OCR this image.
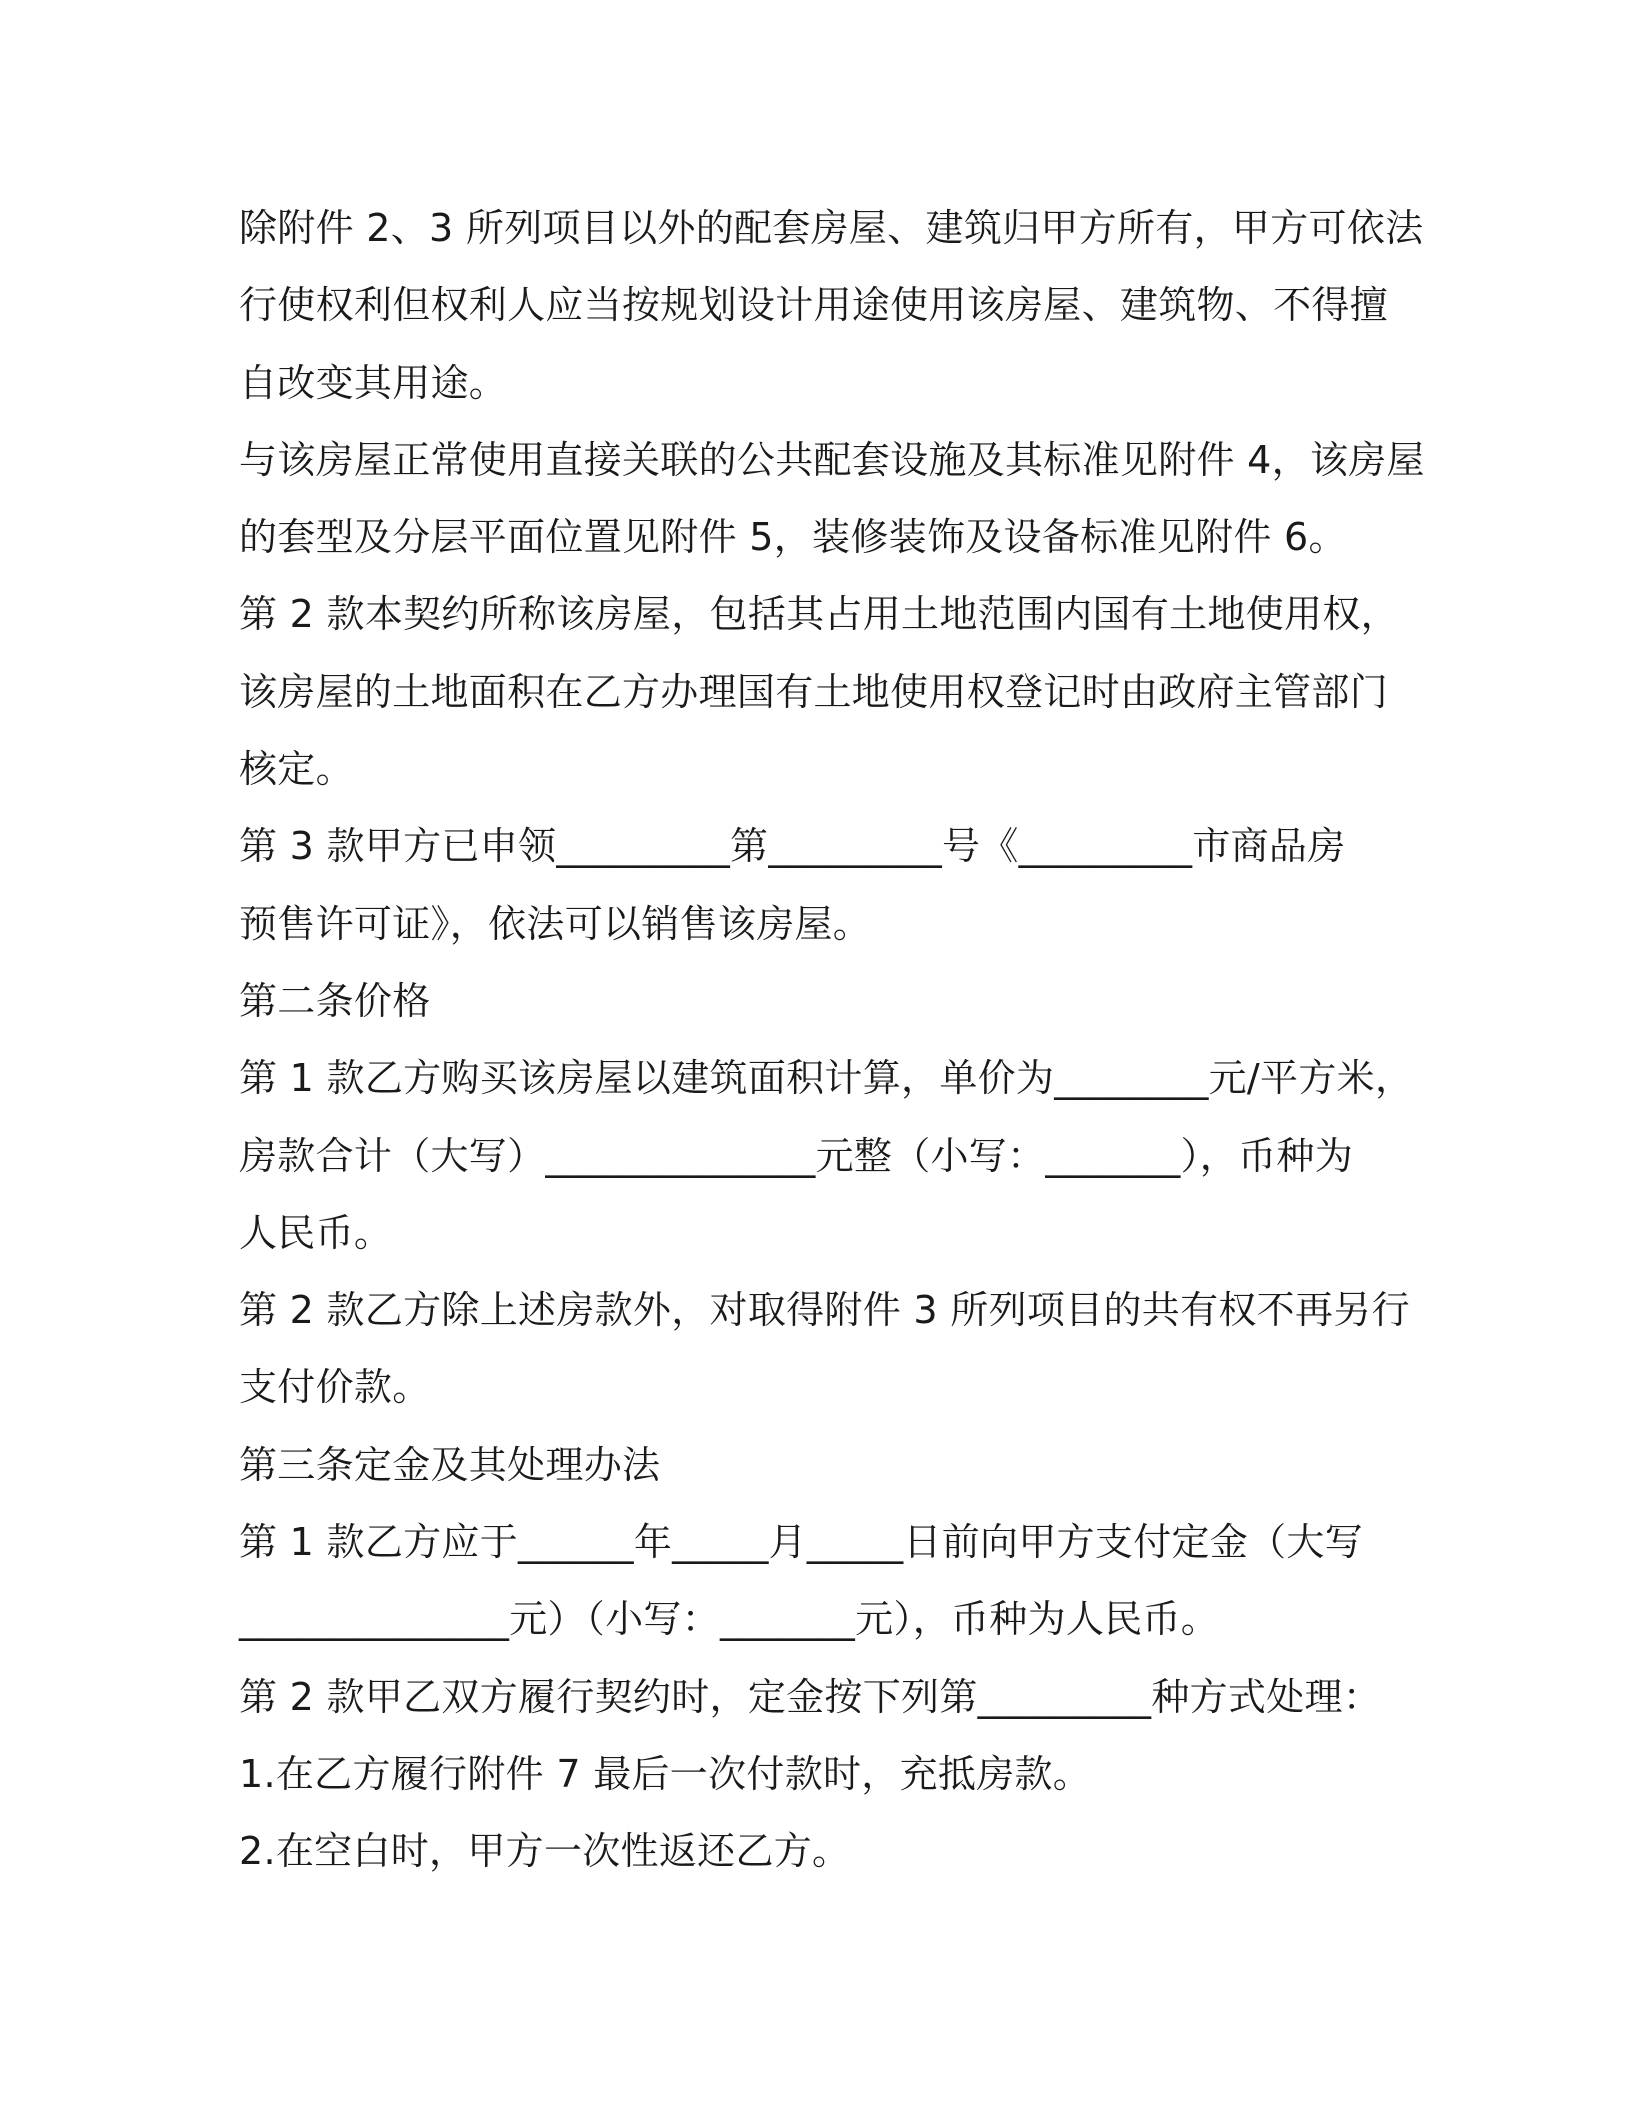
除附件 2、3 所列项目以外的配套房屋、建筑归甲方所有，甲方可依法
行使权利但权利人应当按规划设计用途使用该房屋、建筑物、不得擅
自改变其用途。
与该房屋正常使用直接关联的公共配套设施及其标准见附件 4，该房屋
的套型及分层平面位置见附件 5，装修装饰及设备标准见附件 6。
第 2 款本契约所称该房屋，包括其占用土地范围内国有土地使用权，
该房屋的土地面积在乙方办理国有土地使用权登记时由政府主管部门
核定。
第 3 款甲方已申领_________第_________号《_________市商品房
预售许可证》，依法可以销售该房屋。
第二条价格
第 1 款乙方购买该房屋以建筑面积计算，单价为________元/平方米，
房款合计（大写）______________元整（小写：_______），币种为
人民币。
第 2 款乙方除上述房款外，对取得附件 3 所列项目的共有权不再另行
支付价款。
第三条定金及其处理办法
第 1 款乙方应于______年_____月_____日前向甲方支付定金（大写
______________元）（小写：_______元），币种为人民币。
第 2 款甲乙双方履行契约时，定金按下列第_________种方式处理：
1.在乙方履行附件 7 最后一次付款时，充抵房款。
2.在空白时，甲方一次性返还乙方。
